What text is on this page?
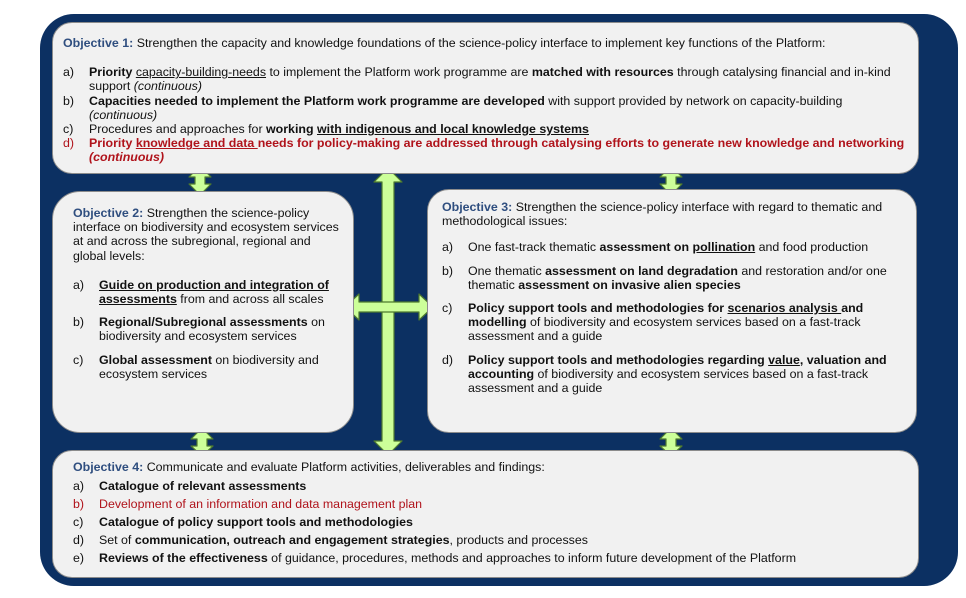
Objective 1: Strengthen the capacity and knowledge foundations of the science-policy interface to implement key functions of the Platform:
a)	Priority capacity-building-needs to implement the Platform work programme are matched with resources through catalysing financial and in-kind support (continuous)
b)	Capacities needed to implement the Platform work programme are developed with support provided by network on capacity-building (continuous)
c)	Procedures and approaches for working with indigenous and local knowledge systems
d)	Priority knowledge and data needs for policy-making are addressed through catalysing efforts to generate new knowledge and networking (continuous)
Objective 2: Strengthen the science-policy interface on biodiversity and ecosystem services at and across the subregional, regional and global levels:
a)	Guide on production and integration of assessments from and across all scales
b)	Regional/Subregional assessments on biodiversity and ecosystem services
c)	Global assessment on biodiversity and ecosystem services
Objective 3: Strengthen the science-policy interface with regard to thematic and methodological issues:
a)	One fast-track thematic assessment on pollination and food production
b)	One thematic assessment on land degradation and restoration and/or one thematic assessment on invasive alien species
c)	Policy support tools and methodologies for scenarios analysis and modelling of biodiversity and ecosystem services based on a fast-track assessment and a guide
d)	Policy support tools and methodologies regarding value, valuation and accounting of biodiversity and ecosystem services based on a fast-track assessment and a guide
Objective 4: Communicate and evaluate Platform activities, deliverables and findings:
a)	Catalogue of relevant assessments
b)	Development of an information and data management plan
c)	Catalogue of policy support tools and methodologies
d)	Set of communication, outreach and engagement strategies, products and processes
e)	Reviews of the effectiveness of guidance, procedures, methods and approaches to inform future development of the Platform
